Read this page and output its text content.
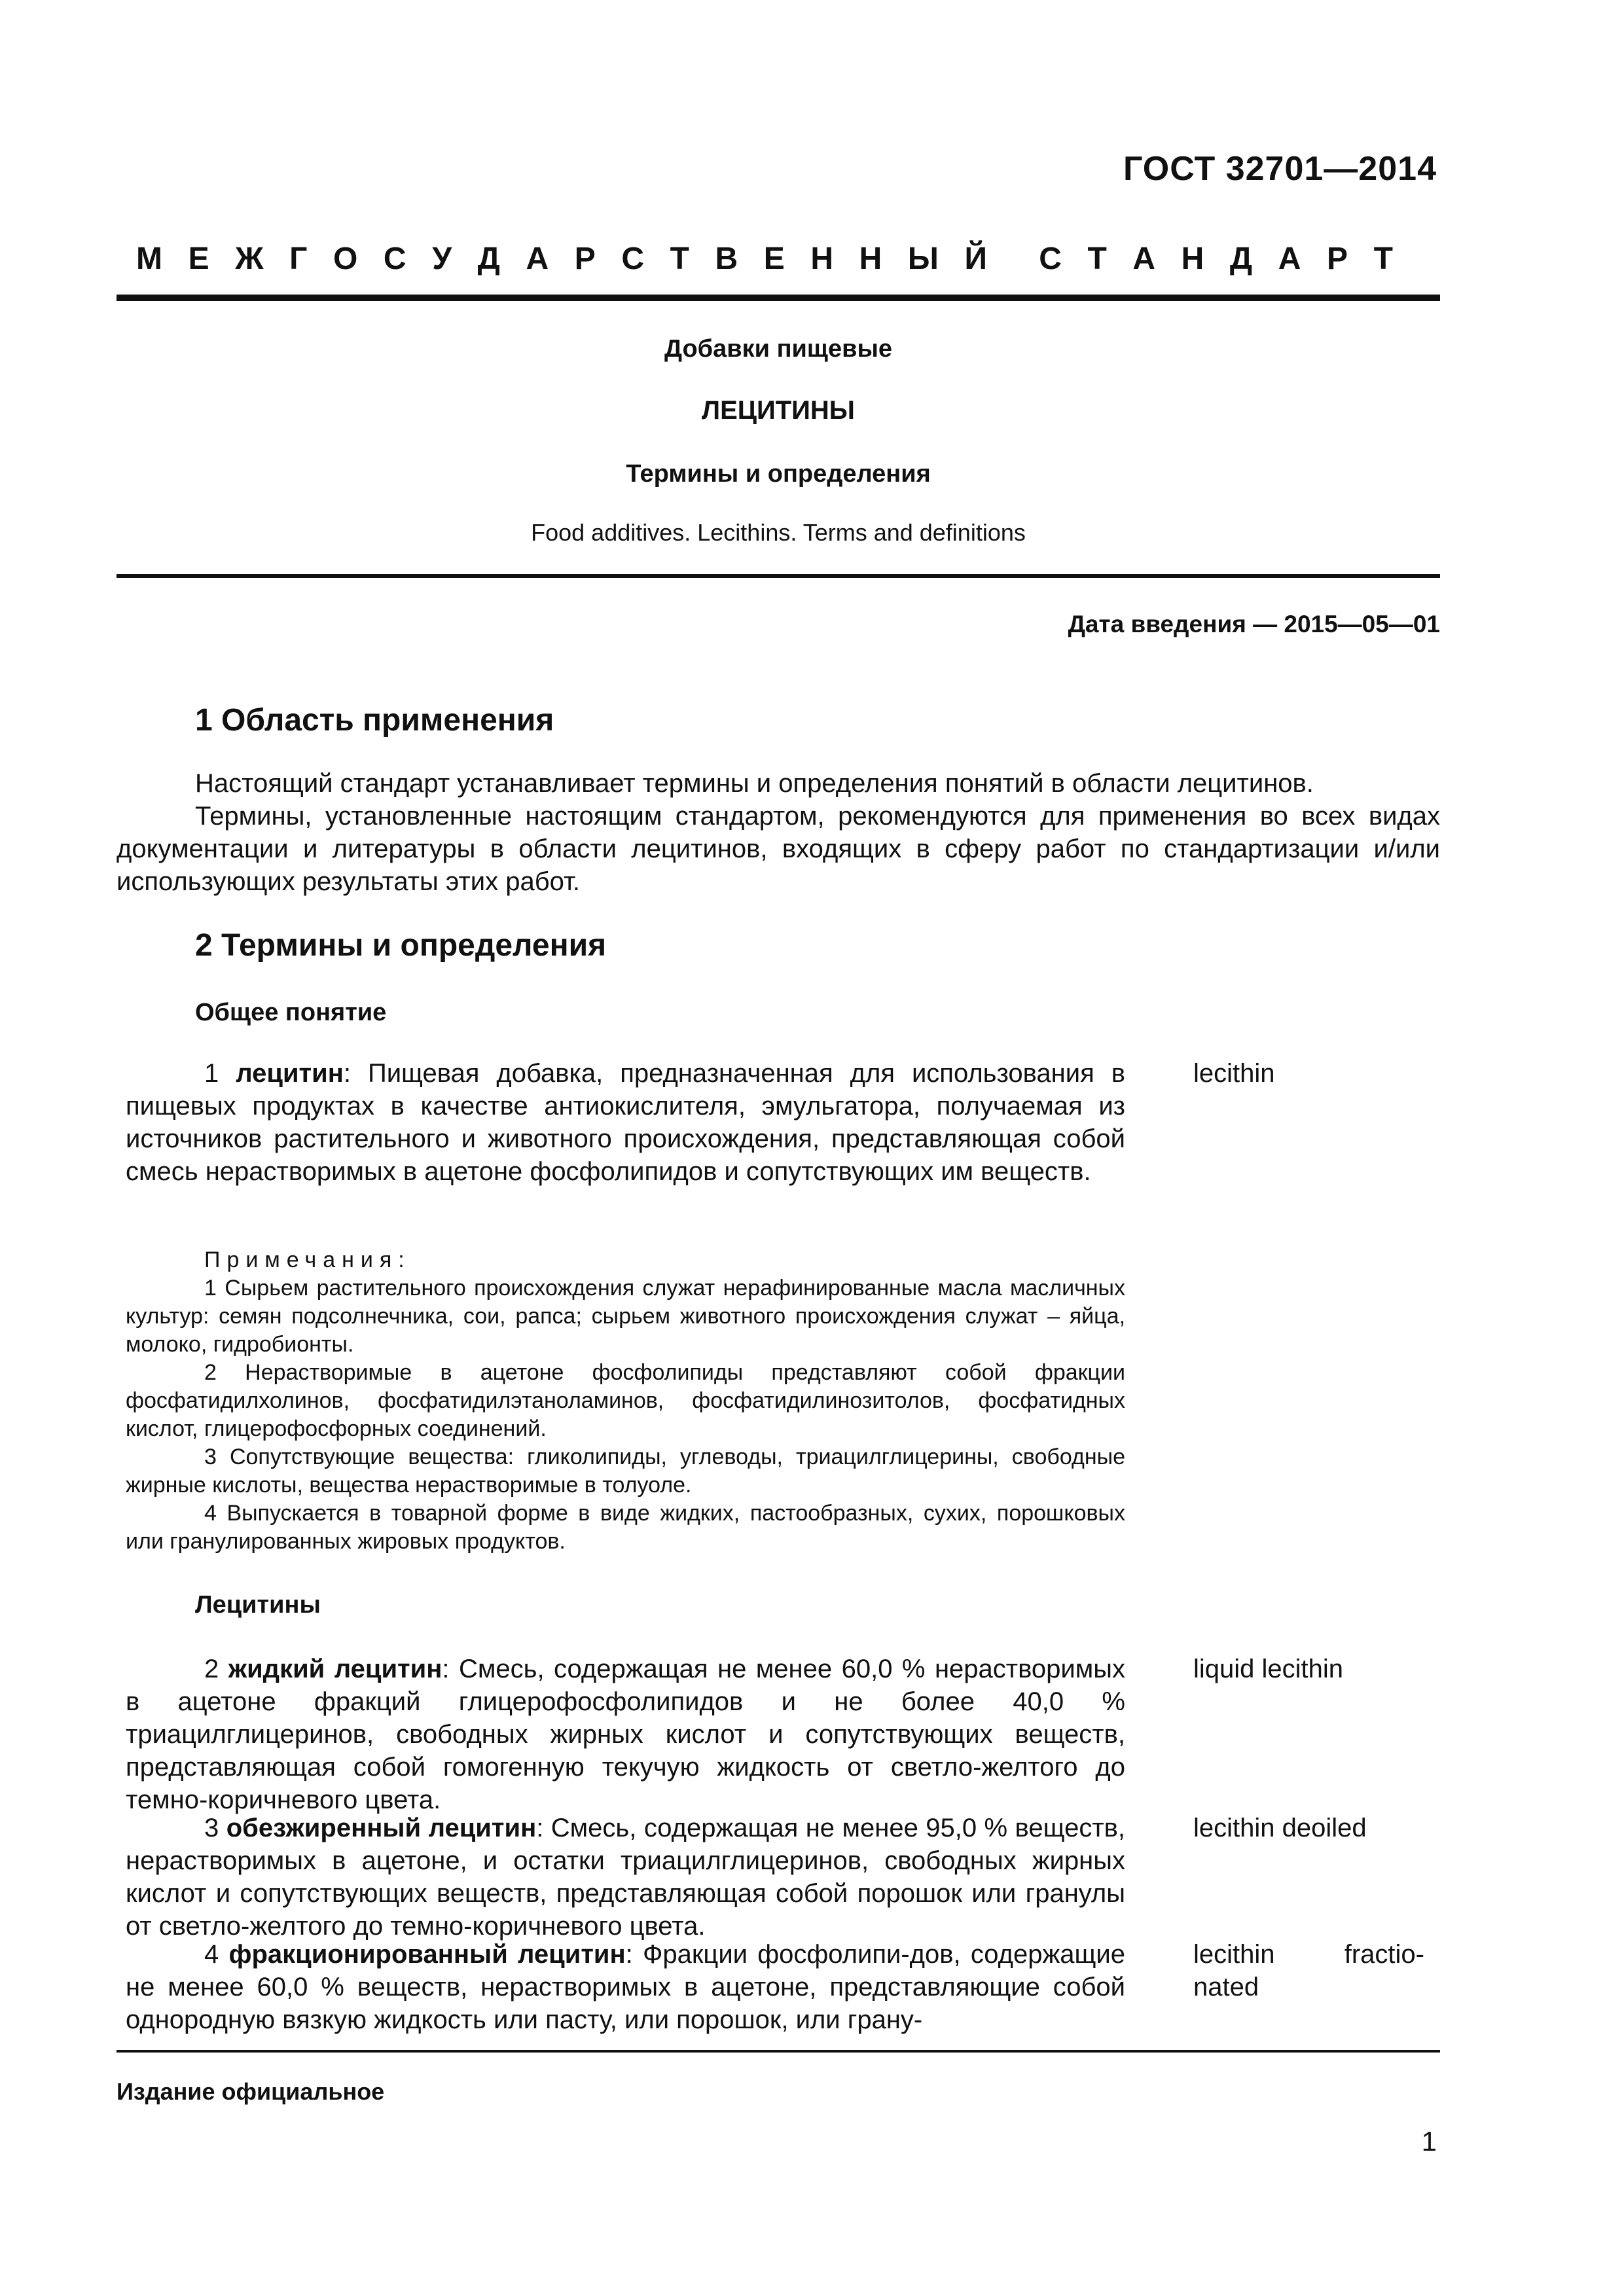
ГОСТ 32701—2014
М Е Ж Г О С У Д А Р С Т В Е Н Н Ы Й С Т А Н Д А Р Т
Добавки пищевые
ЛЕЦИТИНЫ
Термины и определения
Food additives. Lecithins. Terms and definitions
Дата введения — 2015—05—01
1 Область применения

Настоящий стандарт устанавливает термины и определения понятий в области лецитинов.

Термины, установленные настоящим стандартом, рекомендуются для применения во всех видах документации и литературы в области лецитинов, входящих в сферу работ по стандартизации и/или использующих результаты этих работ.

2 Термины и определения
Общее понятие

1 лецитин: Пищевая добавка, предназначенная для использования в пищевых продуктах в качестве антиокислителя, эмульгатора, получаемая из источников растительного и животного происхождения, представляющая собой смесь нерастворимых в ацетоне фосфолипидов и сопутствующих им веществ.

lecithin

Примечания:

1 Сырьем растительного происхождения служат нерафинированные масла масличных культур: семян подсолнечника, сои, рапса; сырьем животного происхождения служат – яйца, молоко, гидробионты.

2 Нерастворимые в ацетоне фосфолипиды представляют собой фракции фосфатидилхолинов, фосфатидилэтаноламинов, фосфатидилинозитолов, фосфатидных кислот, глицерофосфорных соединений.

3 Сопутствующие вещества: гликолипиды, углеводы, триацилглицерины, свободные жирные кислоты, вещества нерастворимые в толуоле.

4 Выпускается в товарной форме в виде жидких, пастообразных, сухих, порошковых или гранулированных жировых продуктов.

Лецитины

2 жидкий лецитин: Смесь, содержащая не менее 60,0 % нерастворимых в ацетоне фракций глицерофосфолипидов и не более 40,0 % триацилглицеринов, свободных жирных кислот и сопутствующих веществ, представляющая собой гомогенную текучую жидкость от светло-желтого до темно-коричневого цвета.

liquid lecithin

3 обезжиренный лецитин: Смесь, содержащая не менее 95,0 % веществ, нерастворимых в ацетоне, и остатки триацилглицеринов, свободных жирных кислот и сопутствующих веществ, представляющая собой порошок или гранулы от светло-желтого до темно-коричневого цвета.

lecithin deoiled

4 фракционированный лецитин: Фракции фосфолипи-дов, содержащие не менее 60,0 % веществ, нерастворимых в ацетоне, представляющие собой однородную вязкую жидкость или пасту, или порошок, или грану-

lecithin	fractio-
nated
Издание официальное
1
